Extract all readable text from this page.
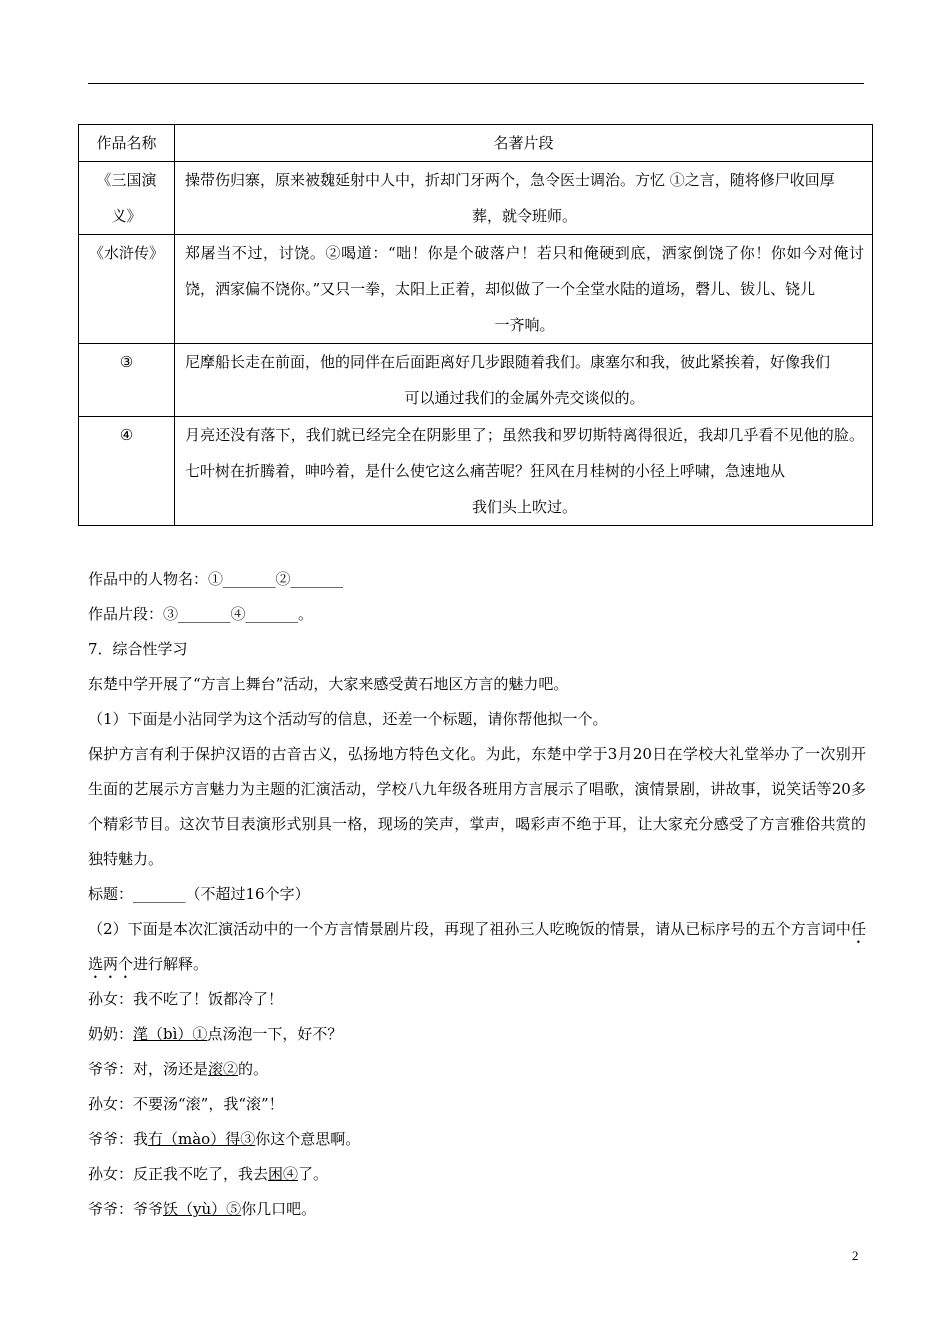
作品名称	名著片段
《三国演义》	操带伤归寨，原来被魏延射中人中，折却门牙两个，急令医士调治。方忆 ①之言，随将修尸收回厚
葬，就令班师。

《水浒传》	郑屠当不过，讨饶。②喝道：“咄！你是个破落户！若只和俺硬到底，洒家倒饶了你！你如今对俺讨饶，洒家偏不饶你。”又只一拳，太阳上正着，却似做了一个全堂水陆的道场，磬儿、钹儿、铙儿
一齐响。

③	尼摩船长走在前面，他的同伴在后面距离好几步跟随着我们。康塞尔和我，彼此紧挨着，好像我们
可以通过我们的金属外壳交谈似的。

④	月亮还没有落下，我们就已经完全在阴影里了；虽然我和罗切斯特离得很近，我却几乎看不见他的脸。七叶树在折腾着，呻吟着，是什么使它这么痛苦呢？狂风在月桂树的小径上呼啸，急速地从
我们头上吹过。

作品中的人物名：①_______②_______

作品片段：③_______④_______。

7．综合性学习

东楚中学开展了“方言上舞台”活动，大家来感受黄石地区方言的魅力吧。

（1）下面是小沾同学为这个活动写的信息，还差一个标题，请你帮他拟一个。

保护方言有利于保护汉语的古音古义，弘扬地方特色文化。为此，东楚中学于3月20日在学校大礼堂举办了一次别开生面的艺展示方言魅力为主题的汇演活动，学校八九年级各班用方言展示了唱歌，演情景剧，讲故事，说笑话等20多个精彩节目。这次节目表演形式别具一格，现场的笑声，掌声，喝彩声不绝于耳，让大家充分感受了方言雅俗共赏的独特魅力。

标题：_______（不超过16个字）

（2）下面是本次汇演活动中的一个方言情景剧片段，再现了祖孙三人吃晚饭的情景，请从已标序号的五个方言词中任选两个进行解释。

孙女：我不吃了！饭都冷了！

奶奶：滗（bì）①点汤泡一下，好不？

爷爷：对，汤还是滚②的。

孙女：不要汤“滚”，我“滚”！

爷爷：我冇（mào）得③你这个意思啊。

孙女：反正我不吃了，我去困④了。

爷爷：爷爷饫（yù）⑤你几口吧。

2
